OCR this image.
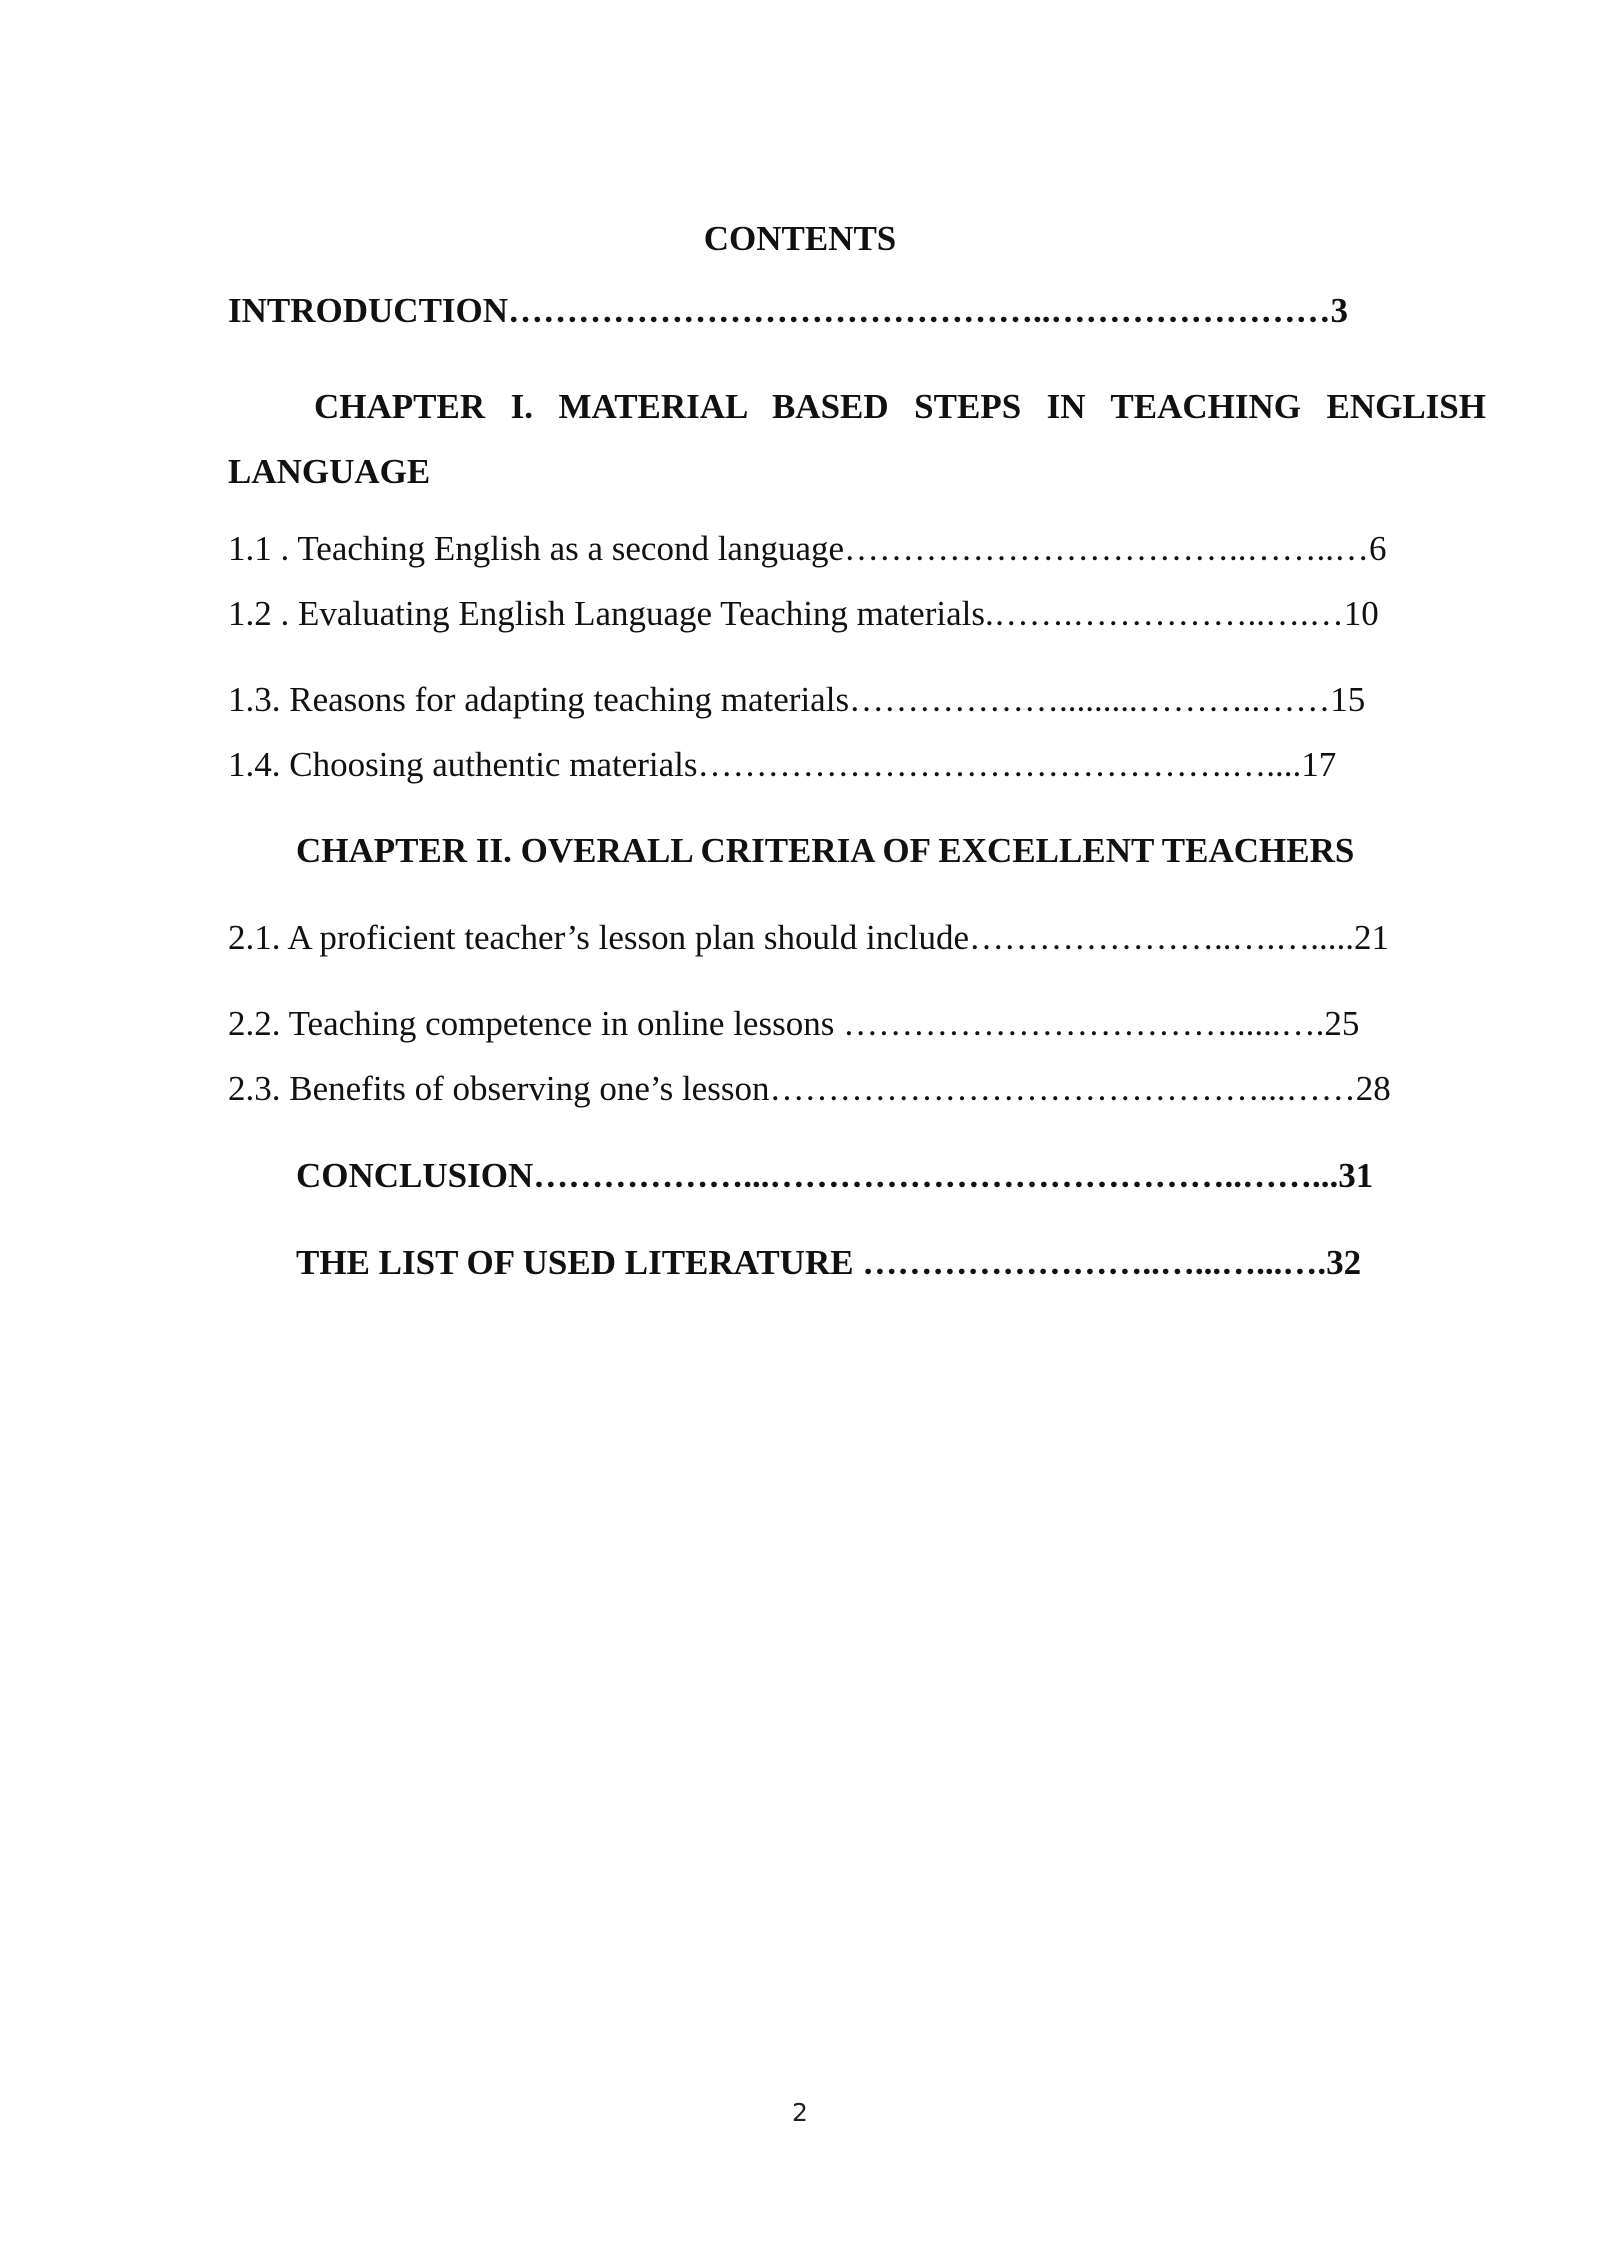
CONTENTS
INTRODUCTION………………………………………..……………………3
CHAPTER I. MATERIAL BASED STEPS IN TEACHING ENGLISH LANGUAGE
1.1 . Teaching English as a second language……………………………..……..…6
1.2 . Evaluating English Language Teaching materials.…….……………..….…10
1.3. Reasons for adapting teaching materials……………….........………..……15
1.4. Choosing authentic materials……………………………………….…....17
CHAPTER II. OVERALL CRITERIA OF EXCELLENT TEACHERS
2.1. A proficient teacher’s lesson plan should include…………………..….….....21
2.2. Teaching competence in online lessons ……………………………......….25
2.3. Benefits of observing one’s lesson……………………………………...……28
CONCLUSION………………...…………………………………..……...31
THE LIST OF USED LITERATURE ……………………..…...…...….32
2
